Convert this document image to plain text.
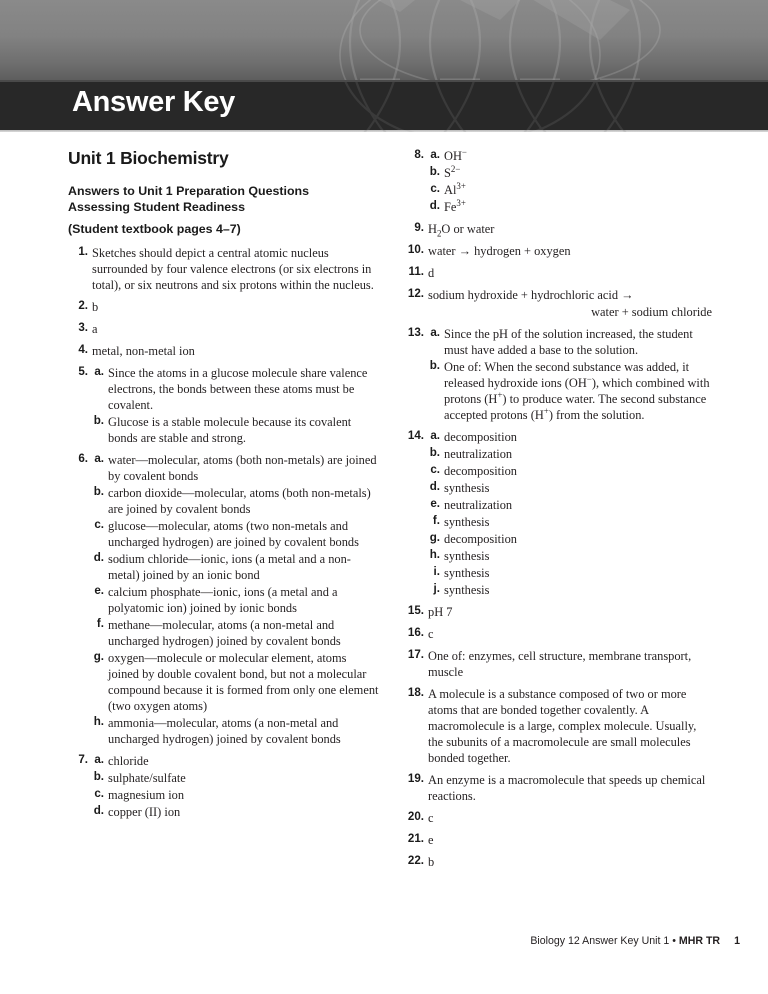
Answer Key
Unit 1 Biochemistry
Answers to Unit 1 Preparation Questions
Assessing Student Readiness
(Student textbook pages 4–7)
1. Sketches should depict a central atomic nucleus surrounded by four valence electrons (or six electrons in total), or six neutrons and six protons within the nucleus.
2. b
3. a
4. metal, non-metal ion
5. a. Since the atoms in a glucose molecule share valence electrons, the bonds between these atoms must be covalent.
b. Glucose is a stable molecule because its covalent bonds are stable and strong.
6. a. water—molecular, atoms (both non-metals) are joined by covalent bonds
b. carbon dioxide—molecular, atoms (both non-metals) are joined by covalent bonds
c. glucose—molecular, atoms (two non-metals and uncharged hydrogen) are joined by covalent bonds
d. sodium chloride—ionic, ions (a metal and a non-metal) joined by an ionic bond
e. calcium phosphate—ionic, ions (a metal and a polyatomic ion) joined by ionic bonds
f. methane—molecular, atoms (a non-metal and uncharged hydrogen) joined by covalent bonds
g. oxygen—molecule or molecular element, atoms joined by double covalent bond, but not a molecular compound because it is formed from only one element (two oxygen atoms)
h. ammonia—molecular, atoms (a non-metal and uncharged hydrogen) joined by covalent bonds
7. a. chloride
b. sulphate/sulfate
c. magnesium ion
d. copper (II) ion
8. a. OH−
b. $S^{2-}$
c. $Al^{3+}$
d. $Fe^{3+}$
9. $H_2O$ or water
10. water → hydrogen + oxygen
11. d
12. sodium hydroxide + hydrochloric acid →
water + sodium chloride
13. a. Since the pH of the solution increased, the student must have added a base to the solution.
b. One of: When the second substance was added, it released hydroxide ions (OH−), which combined with protons (H+) to produce water. The second substance accepted protons (H+) from the solution.
14. a. decomposition
b. neutralization
c. decomposition
d. synthesis
e. neutralization
f. synthesis
g. decomposition
h. synthesis
i. synthesis
j. synthesis
15. pH 7
16. c
17. One of: enzymes, cell structure, membrane transport, muscle
18. A molecule is a substance composed of two or more atoms that are bonded together covalently. A macromolecule is a large, complex molecule. Usually, the subunits of a macromolecule are small molecules bonded together.
19. An enzyme is a macromolecule that speeds up chemical reactions.
20. c
21. e
22. b
Biology 12 Answer Key Unit 1 • MHR TR 1
